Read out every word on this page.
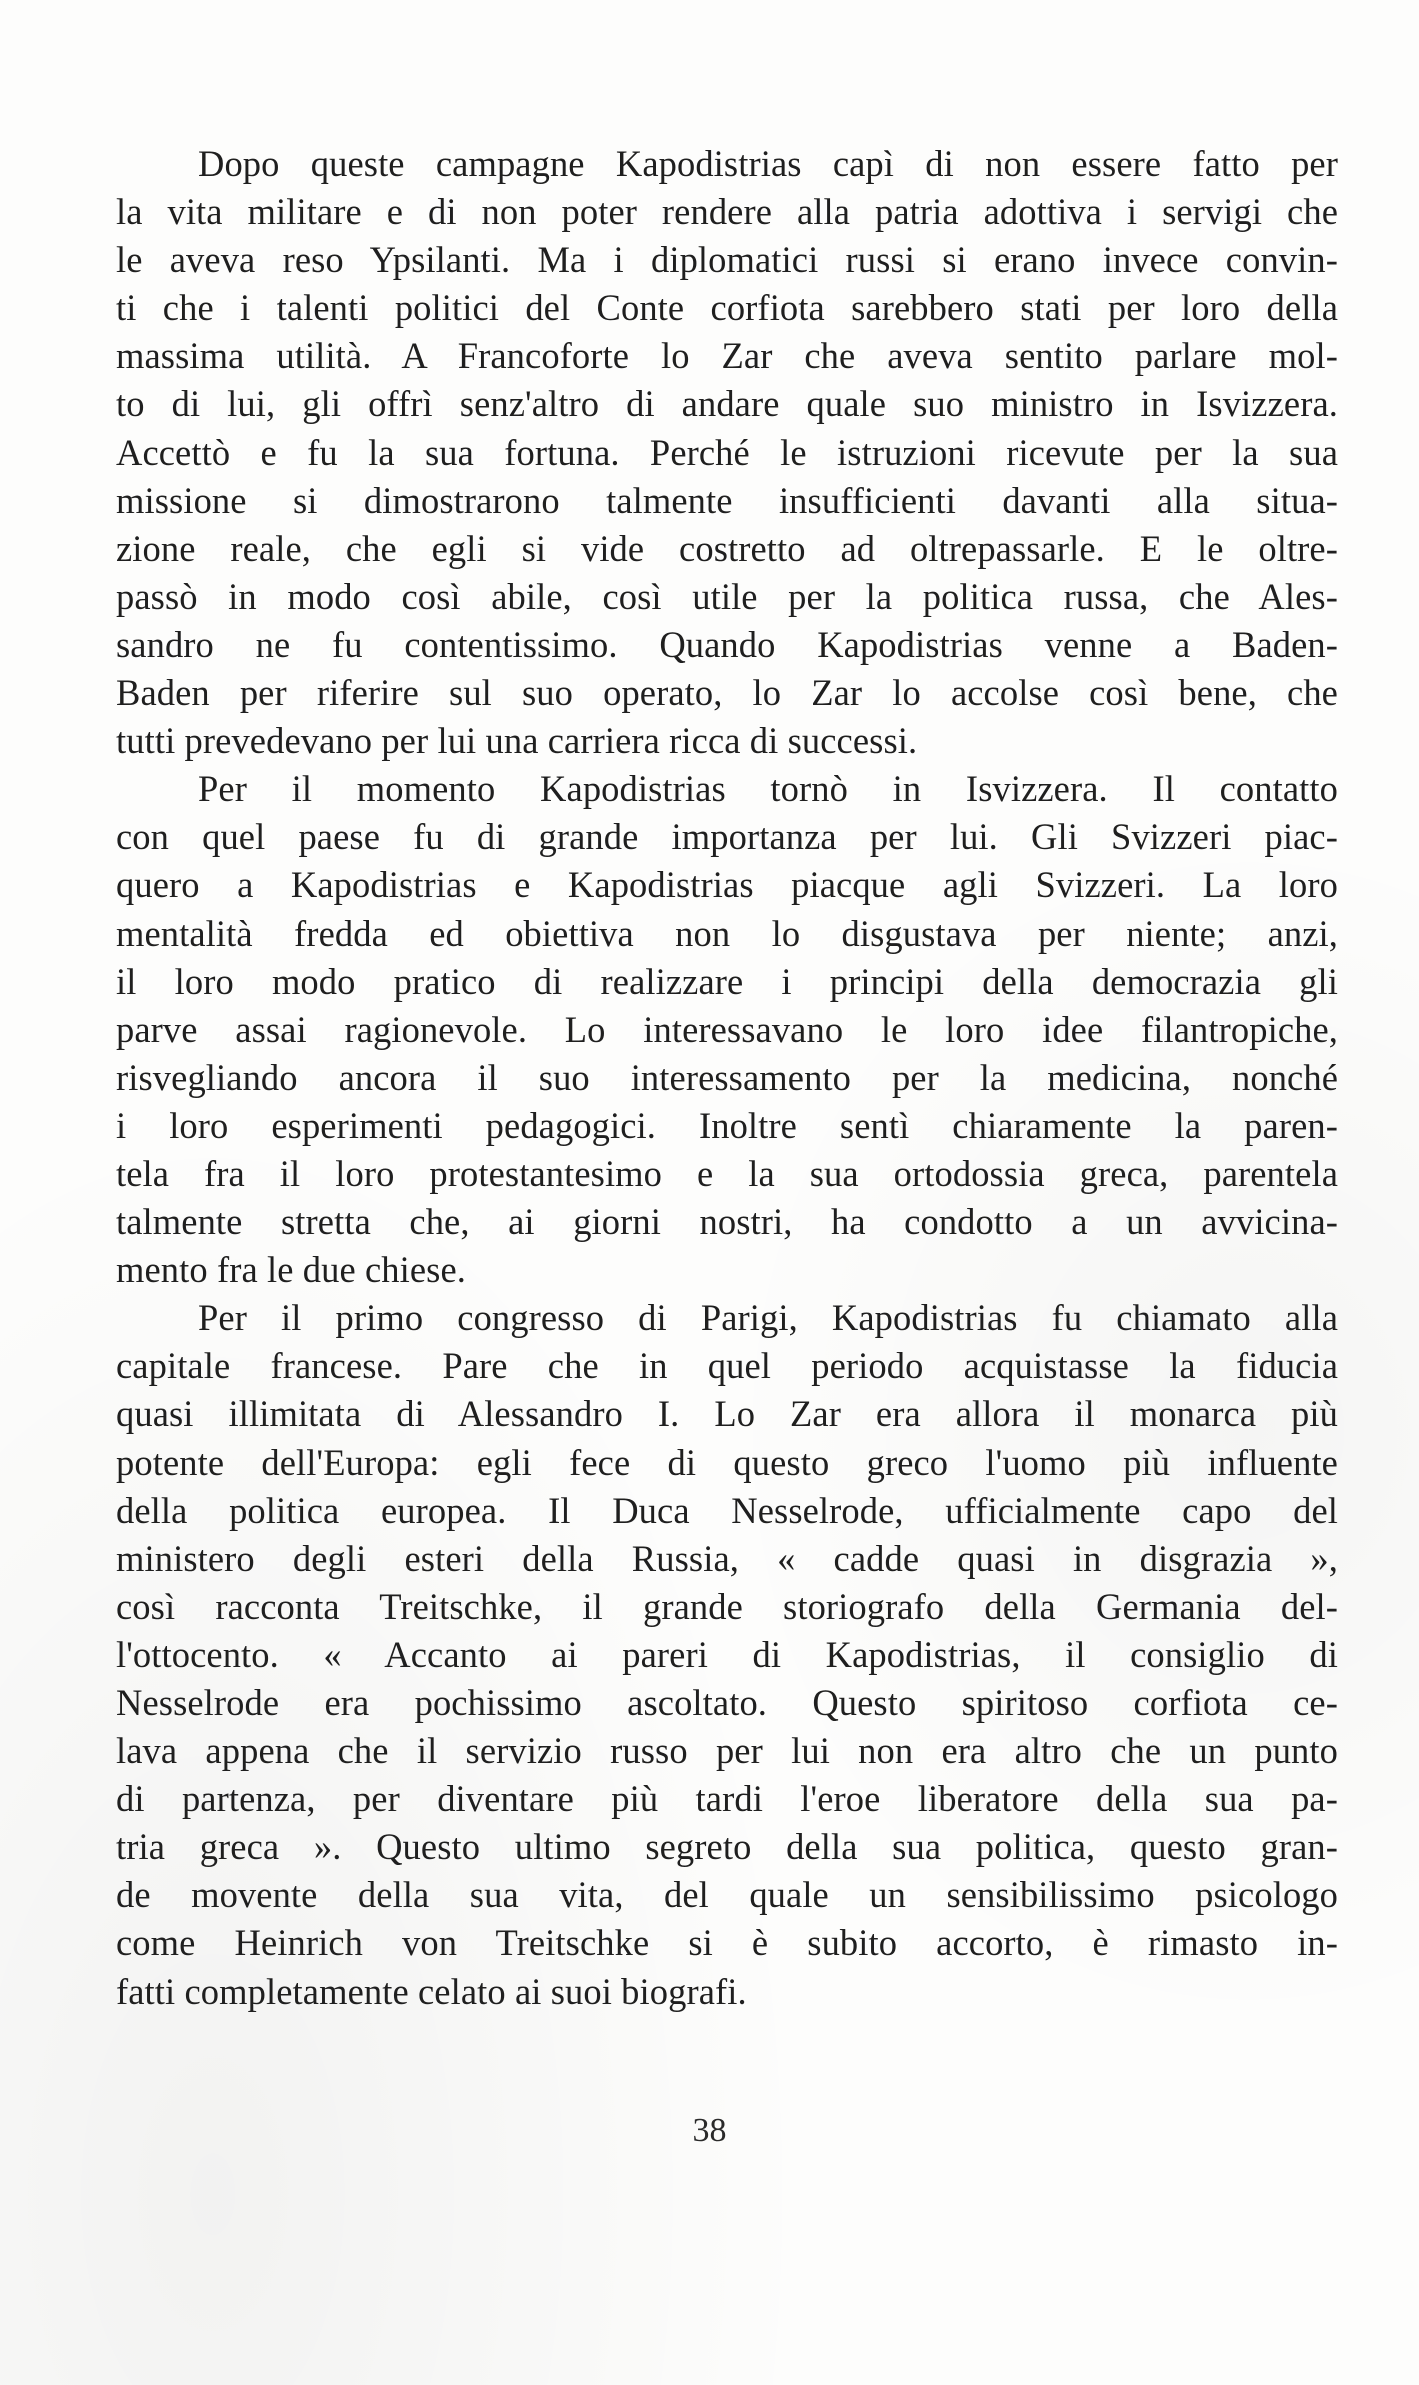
Dopo queste campagne Kapodistrias capì di non essere fatto per
la vita militare e di non poter rendere alla patria adottiva i servigi che
le aveva reso Ypsilanti. Ma i diplomatici russi si erano invece convin-
ti che i talenti politici del Conte corfiota sarebbero stati per loro della
massima utilità. A Francoforte lo Zar che aveva sentito parlare mol-
to di lui, gli offrì senz'altro di andare quale suo ministro in Isvizzera.
Accettò e fu la sua fortuna. Perché le istruzioni ricevute per la sua
missione si dimostrarono talmente insufficienti davanti alla situa-
zione reale, che egli si vide costretto ad oltrepassarle. E le oltre-
passò in modo così abile, così utile per la politica russa, che Ales-
sandro ne fu contentissimo. Quando Kapodistrias venne a Baden-
Baden per riferire sul suo operato, lo Zar lo accolse così bene, che
tutti prevedevano per lui una carriera ricca di successi.
Per il momento Kapodistrias tornò in Isvizzera. Il contatto
con quel paese fu di grande importanza per lui. Gli Svizzeri piac-
quero a Kapodistrias e Kapodistrias piacque agli Svizzeri. La loro
mentalità fredda ed obiettiva non lo disgustava per niente; anzi,
il loro modo pratico di realizzare i principi della democrazia gli
parve assai ragionevole. Lo interessavano le loro idee filantropiche,
risvegliando ancora il suo interessamento per la medicina, nonché
i loro esperimenti pedagogici. Inoltre sentì chiaramente la paren-
tela fra il loro protestantesimo e la sua ortodossia greca, parentela
talmente stretta che, ai giorni nostri, ha condotto a un avvicina-
mento fra le due chiese.
Per il primo congresso di Parigi, Kapodistrias fu chiamato alla
capitale francese. Pare che in quel periodo acquistasse la fiducia
quasi illimitata di Alessandro I. Lo Zar era allora il monarca più
potente dell'Europa: egli fece di questo greco l'uomo più influente
della politica europea. Il Duca Nesselrode, ufficialmente capo del
ministero degli esteri della Russia, « cadde quasi in disgrazia »,
così racconta Treitschke, il grande storiografo della Germania del-
l'ottocento. « Accanto ai pareri di Kapodistrias, il consiglio di
Nesselrode era pochissimo ascoltato. Questo spiritoso corfiota ce-
lava appena che il servizio russo per lui non era altro che un punto
di partenza, per diventare più tardi l'eroe liberatore della sua pa-
tria greca ». Questo ultimo segreto della sua politica, questo gran-
de movente della sua vita, del quale un sensibilissimo psicologo
come Heinrich von Treitschke si è subito accorto, è rimasto in-
fatti completamente celato ai suoi biografi.
38
